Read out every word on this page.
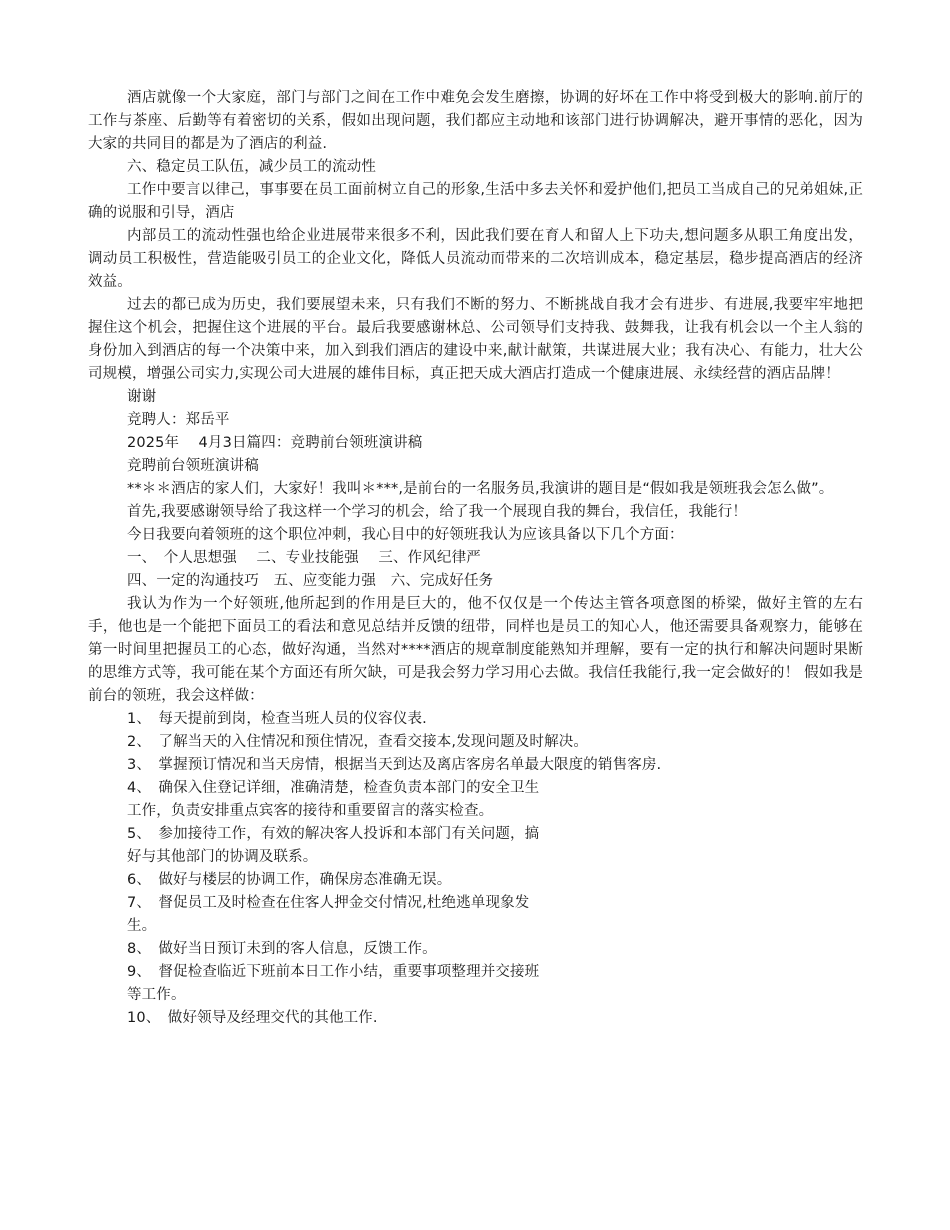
酒店就像一个大家庭，部门与部门之间在工作中难免会发生磨擦，协调的好坏在工作中将受到极大的影响.前厅的工作与茶座、后勤等有着密切的关系，假如出现问题，我们都应主动地和该部门进行协调解决，避开事情的恶化，因为大家的共同目的都是为了酒店的利益.

六、稳定员工队伍，减少员工的流动性

工作中要言以律己，事事要在员工面前树立自己的形象,生活中多去关怀和爱护他们,把员工当成自己的兄弟姐妹,正确的说服和引导，酒店

内部员工的流动性强也给企业进展带来很多不利，因此我们要在育人和留人上下功夫,想问题多从职工角度出发，调动员工积极性，营造能吸引员工的企业文化，降低人员流动而带来的二次培训成本，稳定基层，稳步提高酒店的经济效益。

过去的都已成为历史，我们要展望未来，只有我们不断的努力、不断挑战自我才会有进步、有进展,我要牢牢地把握住这个机会，把握住这个进展的平台。最后我要感谢林总、公司领导们支持我、鼓舞我，让我有机会以一个主人翁的身份加入到酒店的每一个决策中来，加入到我们酒店的建设中来,献计献策，共谋进展大业；我有决心、有能力，壮大公司规模，增强公司实力,实现公司大进展的雄伟目标，真正把天成大酒店打造成一个健康进展、永续经营的酒店品牌！

谢谢

竞聘人：郑岳平

2025年　 4月3日篇四：竞聘前台领班演讲稿

竞聘前台领班演讲稿

**＊＊酒店的家人们，大家好！我叫＊***,是前台的一名服务员,我演讲的题目是“假如我是领班我会怎么做”。

首先,我要感谢领导给了我这样一个学习的机会，给了我一个展现自我的舞台，我信任，我能行！

今日我要向着领班的这个职位冲刺，我心目中的好领班我认为应该具备以下几个方面：

一、　个人思想强　 二、专业技能强　 三、作风纪律严

四、一定的沟通技巧　五、应变能力强　六、完成好任务

我认为作为一个好领班,他所起到的作用是巨大的，他不仅仅是一个传达主管各项意图的桥梁，做好主管的左右手，他也是一个能把下面员工的看法和意见总结并反馈的纽带，同样也是员工的知心人，他还需要具备观察力，能够在第一时间里把握员工的心态，做好沟通，当然对****酒店的规章制度能熟知并理解，要有一定的执行和解决问题时果断的思维方式等，我可能在某个方面还有所欠缺，可是我会努力学习用心去做。我信任我能行,我一定会做好的！ 假如我是前台的领班，我会这样做：

1、　每天提前到岗，检查当班人员的仪容仪表.

2、　了解当天的入住情况和预住情况，查看交接本,发现问题及时解决。

3、　掌握预订情况和当天房情，根据当天到达及离店客房名单最大限度的销售客房.

4、　确保入住登记详细，准确清楚，检查负责本部门的安全卫生

工作，负责安排重点宾客的接待和重要留言的落实检查。

5、　参加接待工作，有效的解决客人投诉和本部门有关问题，搞

好与其他部门的协调及联系。

6、　做好与楼层的协调工作，确保房态准确无误。

7、　督促员工及时检查在住客人押金交付情况,杜绝逃单现象发

生。

8、　做好当日预订未到的客人信息，反馈工作。

9、　督促检查临近下班前本日工作小结，重要事项整理并交接班

等工作。

10、　做好领导及经理交代的其他工作.
